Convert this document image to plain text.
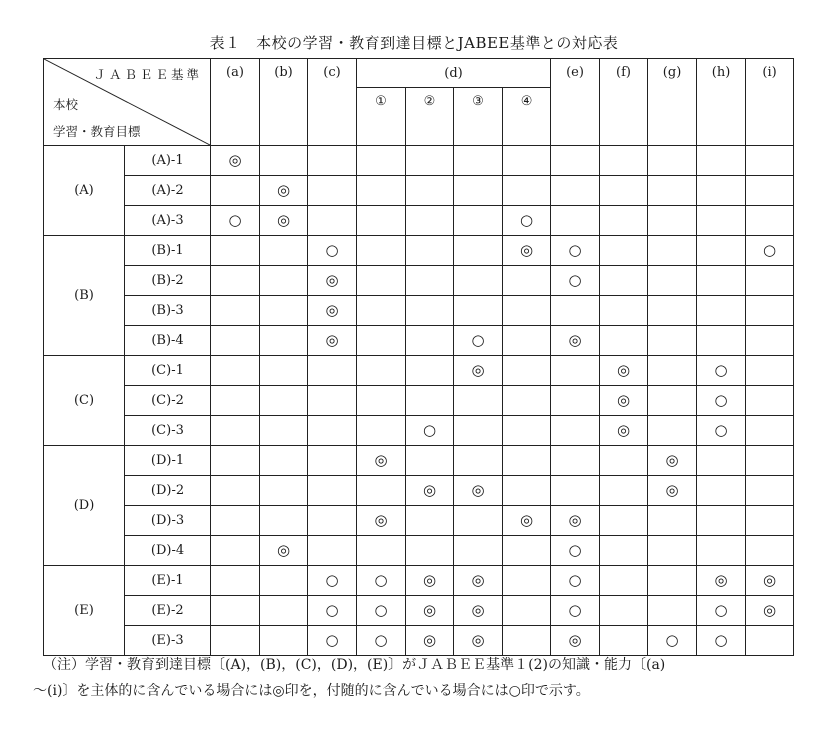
表１　本校の学習・教育到達目標とJABEE基準との対応表
ＪＡＢＥＥ基準
本校
学習・教育目標		(a)	(b)	(c)	(d)				(e)	(f)	(g)	(h)	(i)
					①	②	③	④					
(A)	(A)-1	◎											
	(A)-2		◎										
	(A)-3	○	◎					○					
(B)	(B)-1			○				◎	○				○
	(B)-2			◎					○				
	(B)-3			◎									
	(B)-4			◎			○		◎				
(C)	(C)-1						◎			◎		○	
	(C)-2									◎		○	
	(C)-3					○				◎		○	
(D)	(D)-1				◎						◎		
	(D)-2					◎	◎				◎		
	(D)-3				◎			◎	◎				
	(D)-4		◎						○				
(E)	(E)-1			○	○	◎	◎		○			◎	◎
	(E)-2			○	○	◎	◎		○			○	◎
	(E)-3			○	○	◎	◎		◎		○	○	

（注）学習・教育到達目標〔(A)，(B)，(C)，(D)，(E)〕がＪＡＢＥＥ基準１(2)の知識・能力〔(a)

～(i)〕を主体的に含んでいる場合には◎印を，付随的に含んでいる場合には○印で示す。
